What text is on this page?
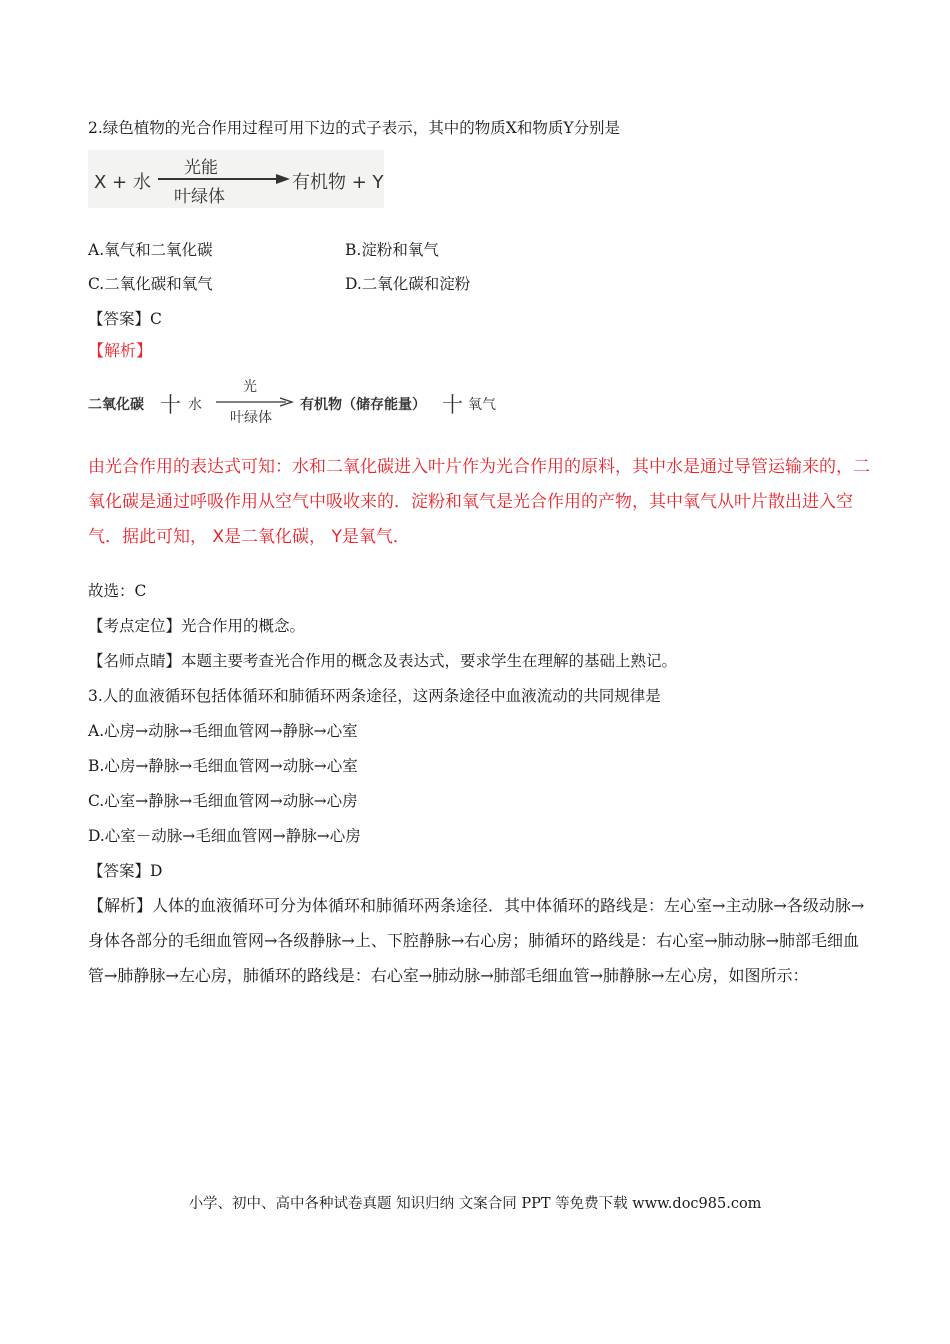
2.绿色植物的光合作用过程可用下边的式子表示，其中的物质X和物质Y分别是
X + 水
光能
叶绿体
有机物 + Y
A.氧气和二氧化碳	B.淀粉和氧气
C.二氧化碳和氧气	D.二氧化碳和淀粉
【答案】C
【解析】
二氧化碳 十 水
光
叶绿体
有机物（储存能量） 十 氧气
由光合作用的表达式可知：水和二氧化碳进入叶片作为光合作用的原料，其中水是通过导管运输来的，二氧化碳是通过呼吸作用从空气中吸收来的．淀粉和氧气是光合作用的产物，其中氧气从叶片散出进入空气．据此可知， X是二氧化碳， Y是氧气．
故选：C
【考点定位】光合作用的概念。
【名师点睛】本题主要考查光合作用的概念及表达式，要求学生在理解的基础上熟记。
3.人的血液循环包括体循环和肺循环两条途径，这两条途径中血液流动的共同规律是
A.心房→动脉→毛细血管网→静脉→心室
B.心房→静脉→毛细血管网→动脉→心室
C.心室→静脉→毛细血管网→动脉→心房
D.心室－动脉→毛细血管网→静脉→心房
【答案】D
【解析】人体的血液循环可分为体循环和肺循环两条途径．其中体循环的路线是：左心室→主动脉→各级动脉→身体各部分的毛细血管网→各级静脉→上、下腔静脉→右心房；肺循环的路线是：右心室→肺动脉→肺部毛细血管→肺静脉→左心房，肺循环的路线是：右心室→肺动脉→肺部毛细血管→肺静脉→左心房，如图所示：
小学、初中、高中各种试卷真题 知识归纳 文案合同 PPT 等免费下载 www.doc985.com
